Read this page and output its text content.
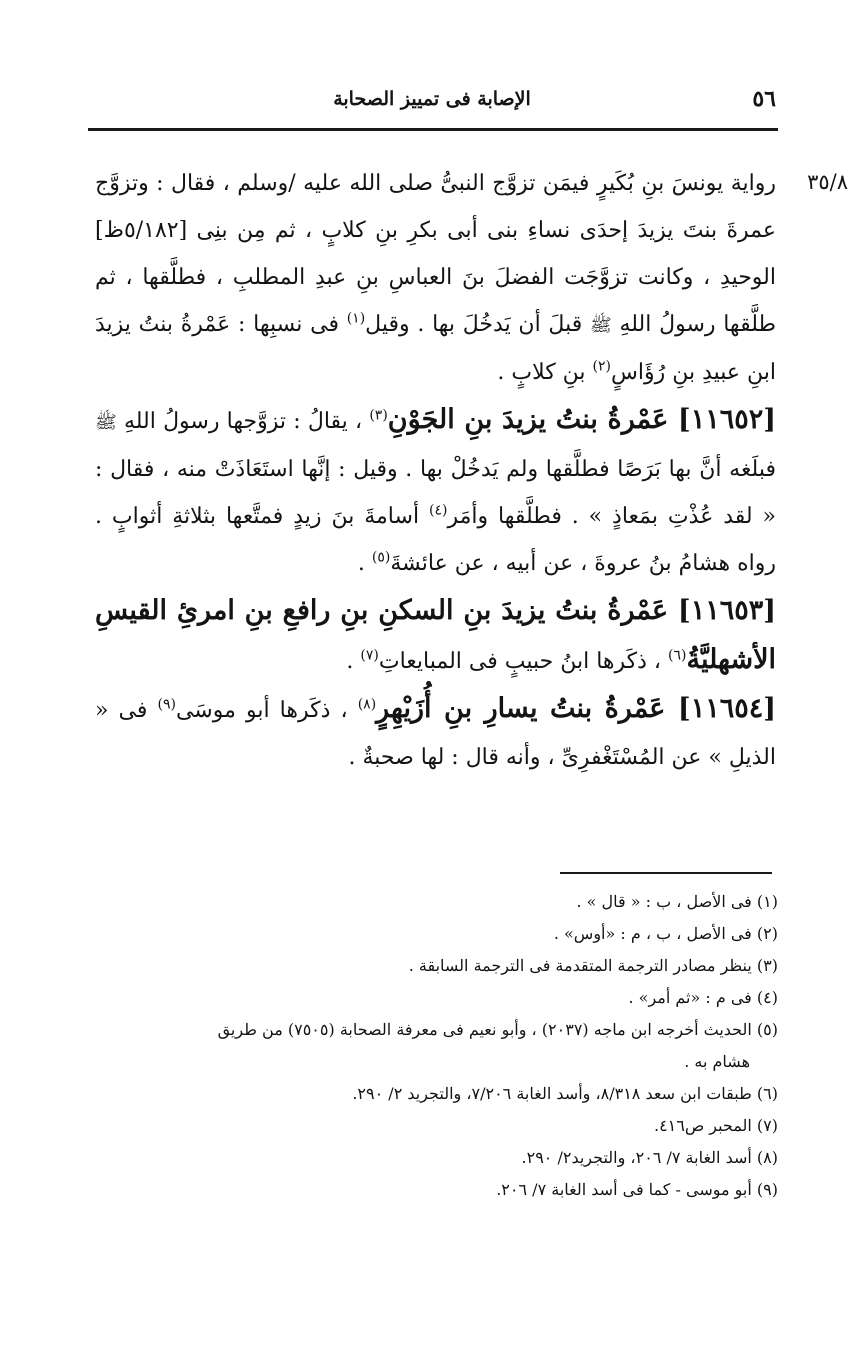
٥٦
الإصابة فى تمييز الصحابة
٣٥/٨

رواية يونسَ بنِ بُكَيرٍ فيمَن تزوَّج النبىُّ صلى الله عليه /وسلم ، فقال : وتزوَّج عمرةَ بنتَ يزيدَ إحدَى نساءِ بنى أبى بكرِ بنِ كلابٍ ، ثم مِن بنِى [٥/١٨٢ظ] الوحيدِ ، وكانت تزوَّجَت الفضلَ بنَ العباسِ بنِ عبدِ المطلبِ ، فطلَّقها ، ثم طلَّقها رسولُ اللهِ ﷺ قبلَ أن يَدخُلَ بها . وقيل$^{(١)}$ فى نسبِها : عَمْرةُ بنتُ يزيدَ ابنِ عبيدِ بنِ رُؤَاسٍ$^{(٢)}$ بنِ كلابٍ .

[١١٦٥٢] عَمْرةُ بنتُ يزيدَ بنِ الجَوْنِ$^{(٣)}$ ، يقالُ : تزوَّجها رسولُ اللهِ ﷺ فبلَغه أنَّ بها بَرَصًا فطلَّقها ولم يَدخُلْ بها . وقيل : إنَّها استَعَاذَتْ منه ، فقال : « لقد عُذْتِ بمَعاذٍ » . فطلَّقها وأمَر$^{(٤)}$ أسامةَ بنَ زيدٍ فمتَّعها بثلاثةِ أثوابٍ . رواه هشامُ بنُ عروةَ ، عن أبيه ، عن عائشةَ$^{(٥)}$ .

[١١٦٥٣] عَمْرةُ بنتُ يزيدَ بنِ السكنِ بنِ رافعِ بنِ امرئِ القيسِ الأشهليَّةُ$^{(٦)}$ ، ذكَرها ابنُ حبيبٍ فى المبايعاتِ$^{(٧)}$ .

[١١٦٥٤] عَمْرةُ بنتُ يسارِ بنِ أُزَيْهِرٍ$^{(٨)}$ ، ذكَرها أبو موسَى$^{(٩)}$ فى « الذيلِ » عن المُسْتَغْفرِىِّ ، وأنه قال : لها صحبةٌ .

(١) فى الأصل ، ب : « قال » .

(٢) فى الأصل ، ب ، م : «أوس» .

(٣) ينظر مصادر الترجمة المتقدمة فى الترجمة السابقة .

(٤) فى م : «ثم أمر» .

(٥) الحديث أخرجه ابن ماجه (٢٠٣٧) ، وأبو نعيم فى معرفة الصحابة (٧٥٠٥) من طريق

هشام به .

(٦) طبقات ابن سعد ٨/٣١٨، وأسد الغابة ٧/٢٠٦، والتجريد ٢/ ٢٩٠.

(٧) المحبر ص٤١٦.

(٨) أسد الغابة ٧/ ٢٠٦، والتجريد٢/ ٢٩٠.

(٩) أبو موسى - كما فى أسد الغابة ٧/ ٢٠٦.
